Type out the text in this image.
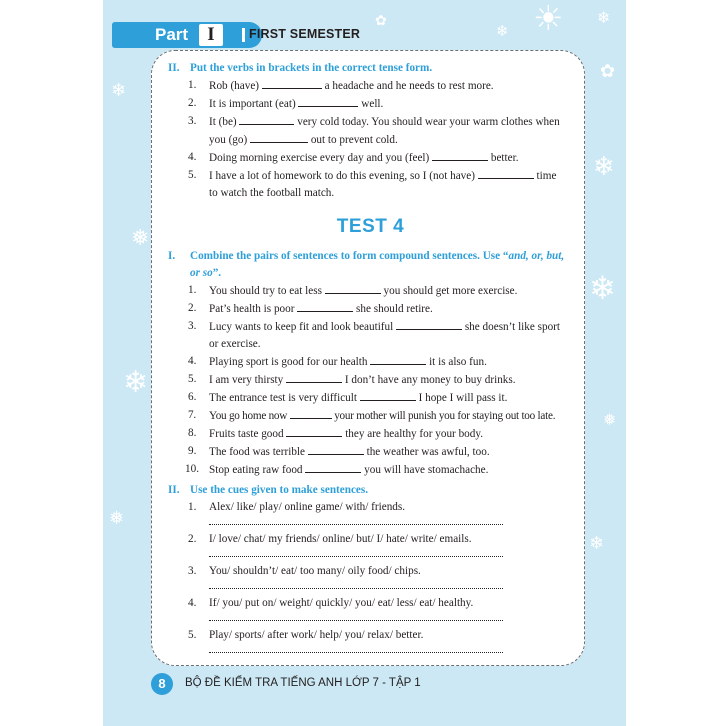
☀ ❄
❄
✿
❄
❅
❄
❅
❄
❄
❅
❄
✿
Part	I	FIRST SEMESTER
II. Put the verbs in brackets in the correct tense form.
1. Rob (have)	a headache and he needs to rest more.
2. It is important (eat)	well.
3. It (be)	very cold today. You should wear your warm clothes when
you (go)	out to prevent cold.
4. Doing morning exercise every day and you (feel)	better.
5. I have a lot of homework to do this evening, so I (not have)	time
to watch the football match.
TEST 4
I. Combine the pairs of sentences to form compound sentences. Use “and, or, but, or so”.
1. You should try to eat less	you should get more exercise.
2. Pat’s health is poor	she should retire.
3. Lucy wants to keep fit and look beautiful	she doesn’t like sport
or exercise.
4. Playing sport is good for our health	it is also fun.
5. I am very thirsty	I don’t have any money to buy drinks.
6. The entrance test is very difficult	I hope I will pass it.
7. You go home now	your mother will punish you for staying out too late.
8. Fruits taste good	they are healthy for your body.
9. The food was terrible	the weather was awful, too.
10. Stop eating raw food	you will have stomachache.
II. Use the cues given to make sentences.
1. Alex/ like/ play/ online game/ with/ friends.
2. I/ love/ chat/ my friends/ online/ but/ I/ hate/ write/ emails.
3. You/ shouldn’t/ eat/ too many/ oily food/ chips.
4. If/ you/ put on/ weight/ quickly/ you/ eat/ less/ eat/ healthy.
5. Play/ sports/ after work/ help/ you/ relax/ better.
8	BỘ ĐỀ KIỂM TRA TIẾNG ANH LỚP 7 - TẬP 1
